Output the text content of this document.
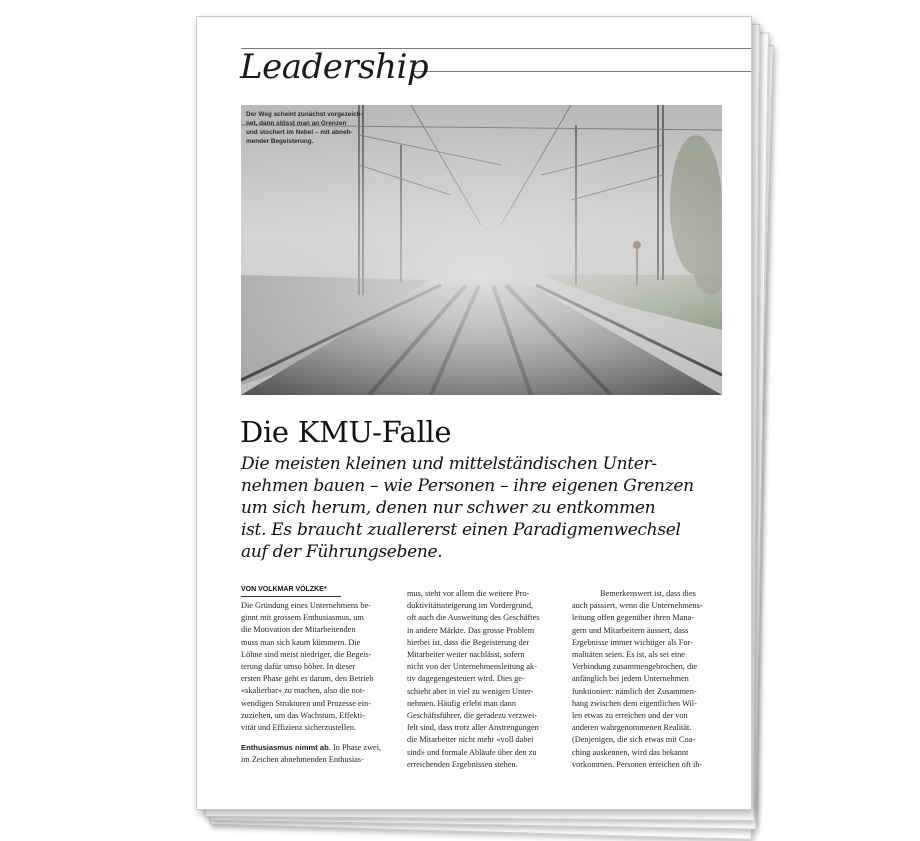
Leadership
Der Weg scheint zunächst vorgezeich-
net, dann stösst man an Grenzen
und stochert im Nebel – mit abneh-
mender Begeisterung.
Die KMU-Falle
Die meisten kleinen und mittelständischen Unter-
nehmen bauen – wie Personen – ihre eigenen Grenzen
um sich herum, denen nur schwer zu entkommen
ist. Es braucht zuallererst einen Paradigmenwechsel
auf der Führungsebene.
VON VOLKMAR VÖLZKE*
Die Gründung eines Unternehmens be-
ginnt mit grossem Enthusiasmus, um
die Motivation der Mitarbeitenden
muss man sich kaum kümmern. Die
Löhne sind meist niedriger, die Begeis-
terung dafür umso höher. In dieser
ersten Phase geht es darum, den Betrieb
«skalierbar» zu machen, also die not-
wendigen Strukturen und Prozesse ein-
zuziehen, um das Wachstum, Effekti-
vität und Effizienz sicherzustellen.
Enthusiasmus nimmt ab. In Phase zwei,
im Zeichen abnehmenden Enthusias-
mus, steht vor allem die weitere Pro-
duktivitätssteigerung im Vordergrund,
oft auch die Ausweitung des Geschäftes
in andere Märkte. Das grosse Problem
hierbei ist, dass die Begeisterung der
Mitarbeiter weiter nachlässt, sofern
nicht von der Unternehmensleitung ak-
tiv dagegengesteuert wird. Dies ge-
schieht aber in viel zu wenigen Unter-
nehmen. Häufig erlebt man dann
Geschäftsführer, die geradezu verzwei-
felt sind, dass trotz aller Anstrengungen
die Mitarbeiter nicht mehr «voll dabei
sind» und formale Abläufe über den zu
erreichenden Ergebnissen stehen.
Bemerkenswert ist, dass dies
auch passiert, wenn die Unternehmens-
leitung offen gegenüber ihren Mana-
gern und Mitarbeitern äussert, dass
Ergebnisse immer wichtiger als For-
malitäten seien. Es ist, als sei eine
Verbindung zusammengebrochen, die
anfänglich bei jedem Unternehmen
funktioniert: nämlich der Zusammen-
hang zwischen dem eigentlichen Wil-
len etwas zu erreichen und der von
anderen wahrgenommenen Realität.
(Denjenigen, die sich etwas mit Coa-
ching auskennen, wird das bekannt
vorkommen. Personen erreichen oft ih-
